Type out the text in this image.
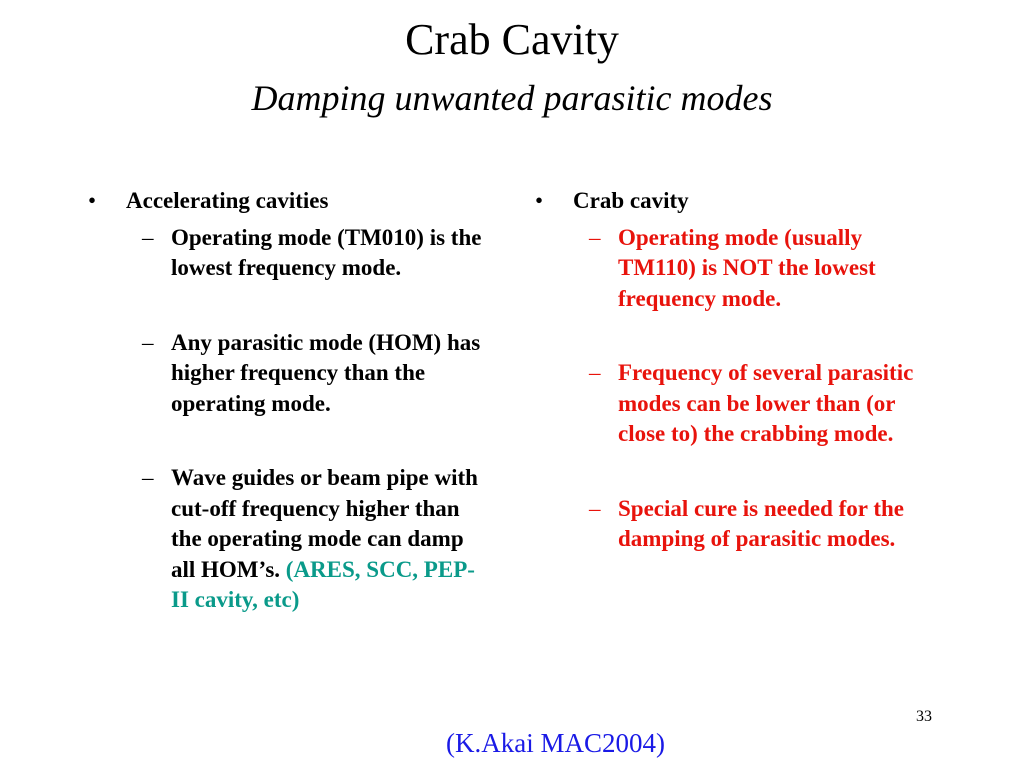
Crab Cavity
Damping unwanted parasitic modes
•	Accelerating cavities
– Operating mode (TM010) is the lowest frequency mode.
– Any parasitic mode (HOM) has higher frequency than the operating mode.
– Wave guides or beam pipe with cut-off frequency higher than the operating mode can damp all HOM’s. (ARES, SCC, PEP-II cavity, etc)
•	Crab cavity
– Operating mode (usually TM110) is NOT the lowest frequency mode.
– Frequency of several parasitic modes can be lower than (or close to) the crabbing mode.
– Special cure is needed for the damping of parasitic modes.
33
(K.Akai MAC2004)
